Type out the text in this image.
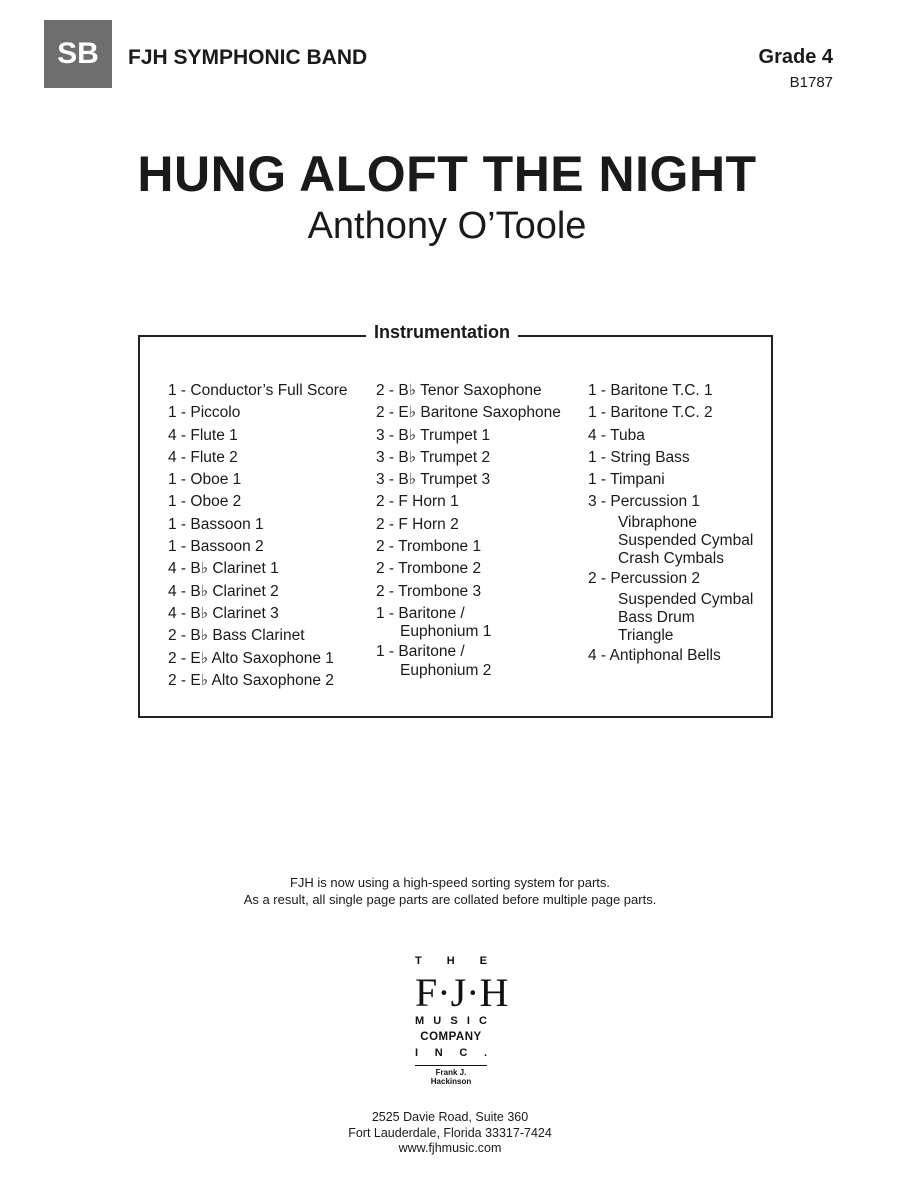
SB	FJH SYMPHONIC BAND	Grade 4
B1787
HUNG ALOFT THE NIGHT
Anthony O’Toole
Instrumentation
1 - Conductor’s Full Score
1 - Piccolo
4 - Flute 1
4 - Flute 2
1 - Oboe 1
1 - Oboe 2
1 - Bassoon 1
1 - Bassoon 2
4 - B♭ Clarinet 1
4 - B♭ Clarinet 2
4 - B♭ Clarinet 3
2 - B♭ Bass Clarinet
2 - E♭ Alto Saxophone 1
2 - E♭ Alto Saxophone 2
2 - B♭ Tenor Saxophone
2 - E♭ Baritone Saxophone
3 - B♭ Trumpet 1
3 - B♭ Trumpet 2
3 - B♭ Trumpet 3
2 - F Horn 1
2 - F Horn 2
2 - Trombone 1
2 - Trombone 2
2 - Trombone 3
1 - Baritone /
Euphonium 1
1 - Baritone /
Euphonium 2
1 - Baritone T.C. 1
1 - Baritone T.C. 2
4 - Tuba
1 - String Bass
1 - Timpani
3 - Percussion 1
Vibraphone
Suspended Cymbal
Crash Cymbals
2 - Percussion 2
Suspended Cymbal
Bass Drum
Triangle
4 - Antiphonal Bells
FJH is now using a high-speed sorting system for parts.
As a result, all single page parts are collated before multiple page parts.
T H E
F · J · H
M U S I C
COMPANY
I N C .
Frank J. Hackinson
2525 Davie Road, Suite 360
Fort Lauderdale, Florida 33317-7424
www.fjhmusic.com
